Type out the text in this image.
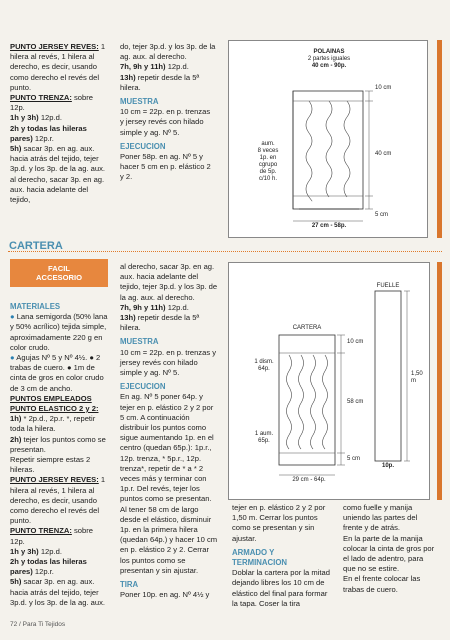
PUNTO JERSEY REVES: 1 hilera al revés, 1 hilera al derecho, es decir, usando como derecho el revés del punto.

PUNTO TRENZA: sobre 12p.

1h y 3h) 12p.d.

2h y todas las hileras pares) 12p.r.

5h) sacar 3p. en ag. aux. hacia atrás del tejido, tejer 3p.d. y los 3p. de la ag. aux. al derecho, sacar 3p. en ag. aux. hacia adelante del tejido,

do, tejer 3p.d. y los 3p. de la ag. aux. al derecho.

7h, 9h y 11h) 12p.d.

13h) repetir desde la 5ª hilera.

MUESTRA

10 cm = 22p. en p. trenzas y jersey revés con hilado simple y ag. Nº 5.

EJECUCION

Poner 58p. en ag. Nº 5 y hacer 5 cm en p. elástico 2 y 2.

POLAINAS
2 partes iguales
40 cm - 90p.
10 cm
40 cm
5 cm
27 cm - 58p.
aum.
8 veces
1p. en
cgrupo
de 5p.
c/10 h.
CARTERA
FACIL
ACCESORIO

MATERIALES

● Lana semigorda (50% lana y 50% acrílico) tejida simple, aproximadamente 220 g en color crudo.

● Agujas Nº 5 y Nº 4½. ● 2 trabas de cuero. ● 1m de cinta de gros en color crudo de 3 cm de ancho.

PUNTOS EMPLEADOS

PUNTO ELASTICO 2 y 2:

1h) * 2p.d., 2p.r. *, repetir toda la hilera.

2h) tejer los puntos como se presentan.

Repetir siempre estas 2 hileras.

PUNTO JERSEY REVES: 1 hilera al revés, 1 hilera al derecho, es decir, usando como derecho el revés del punto.

PUNTO TRENZA: sobre 12p.

1h y 3h) 12p.d.

2h y todas las hileras pares) 12p.r.

5h) sacar 3p. en ag. aux. hacia atrás del tejido, tejer 3p.d. y los 3p. de la ag. aux.

al derecho, sacar 3p. en ag. aux. hacia adelante del tejido, tejer 3p.d. y los 3p. de la ag. aux. al derecho.

7h, 9h y 11h) 12p.d.

13h) repetir desde la 5ª hilera.

MUESTRA

10 cm = 22p. en p. trenzas y jersey revés con hilado simple y ag. Nº 5.

EJECUCION

En ag. Nº 5 poner 64p. y tejer en p. elástico 2 y 2 por 5 cm. A continuación distribuir los puntos como sigue aumentando 1p. en el centro (quedan 65p.): 1p.r., 12p. trenza, * 5p.r., 12p. trenza*, repetir de * a * 2 veces más y terminar con 1p.r. Del revés, tejer los puntos como se presentan. Al tener 58 cm de largo desde el elástico, disminuir 1p. en la primera hilera (quedan 64p.) y hacer 10 cm en p. elástico 2 y 2. Cerrar los puntos como se presentan y sin ajustar.

TIRA

Poner 10p. en ag. Nº 4½ y

tejer en p. elástico 2 y 2 por 1,50 m. Cerrar los puntos como se presentan y sin ajustar.

ARMADO Y TERMINACION

Doblar la cartera por la mitad dejando libres los 10 cm de elástico del final para formar la tapa. Coser la tira

como fuelle y manija uniendo las partes del frente y de atrás.

En la parte de la manija colocar la cinta de gros por el lado de adentro, para que no se estire.

En el frente colocar las trabas de cuero.

CARTERA
10 cm
58 cm
5 cm
1 dism.
64p.
1 aum.
65p.
29 cm - 64p.
FUELLE
1,50 m
10p.
72 / Para Ti Tejidos
